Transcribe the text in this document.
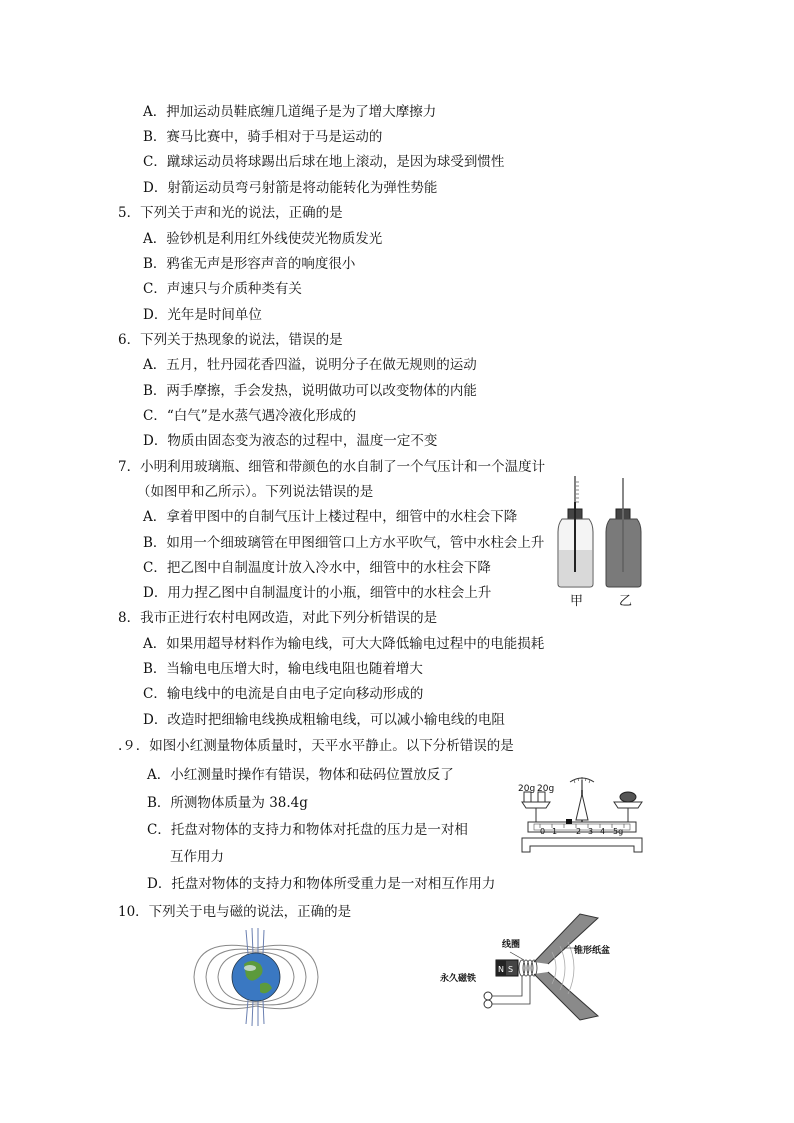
A．押加运动员鞋底缠几道绳子是为了增大摩擦力
B．赛马比赛中，骑手相对于马是运动的
C．蹴球运动员将球踢出后球在地上滚动，是因为球受到惯性
D．射箭运动员弯弓射箭是将动能转化为弹性势能
5．下列关于声和光的说法，正确的是
A．验钞机是利用红外线使荧光物质发光
B．鸦雀无声是形容声音的响度很小
C．声速只与介质种类有关
D．光年是时间单位
6．下列关于热现象的说法，错误的是
A．五月，牡丹园花香四溢，说明分子在做无规则的运动
B．两手摩擦，手会发热，说明做功可以改变物体的内能
C．“白气”是水蒸气遇冷液化形成的
D．物质由固态变为液态的过程中，温度一定不变
7．小明利用玻璃瓶、细管和带颜色的水自制了一个气压计和一个温度计
（如图甲和乙所示）。下列说法错误的是
A．拿着甲图中的自制气压计上楼过程中，细管中的水柱会下降
B．如用一个细玻璃管在甲图细管口上方水平吹气，管中水柱会上升
C．把乙图中自制温度计放入冷水中，细管中的水柱会下降
D．用力捏乙图中自制温度计的小瓶，细管中的水柱会上升
甲	乙
8．我市正进行农村电网改造，对此下列分析错误的是
A．如果用超导材料作为输电线，可大大降低输电过程中的电能损耗
B．当输电电压增大时，输电线电阻也随着增大
C．输电线中的电流是自由电子定向移动形成的
D．改造时把细输电线换成粗输电线，可以减小输电线的电阻
.９．如图小红测量物体质量时，天平水平静止。以下分析错误的是
A．小红测量时操作有错误，物体和砝码位置放反了
B．所测物体质量为 38.4g
C．托盘对物体的支持力和物体对托盘的压力是一对相
互作用力
D．托盘对物体的支持力和物体所受重力是一对相互作用力
20g 20g
0 1 2 3 4 5g
10．下列关于电与磁的说法，正确的是
N S
线圈
锥形纸盆
永久磁铁
